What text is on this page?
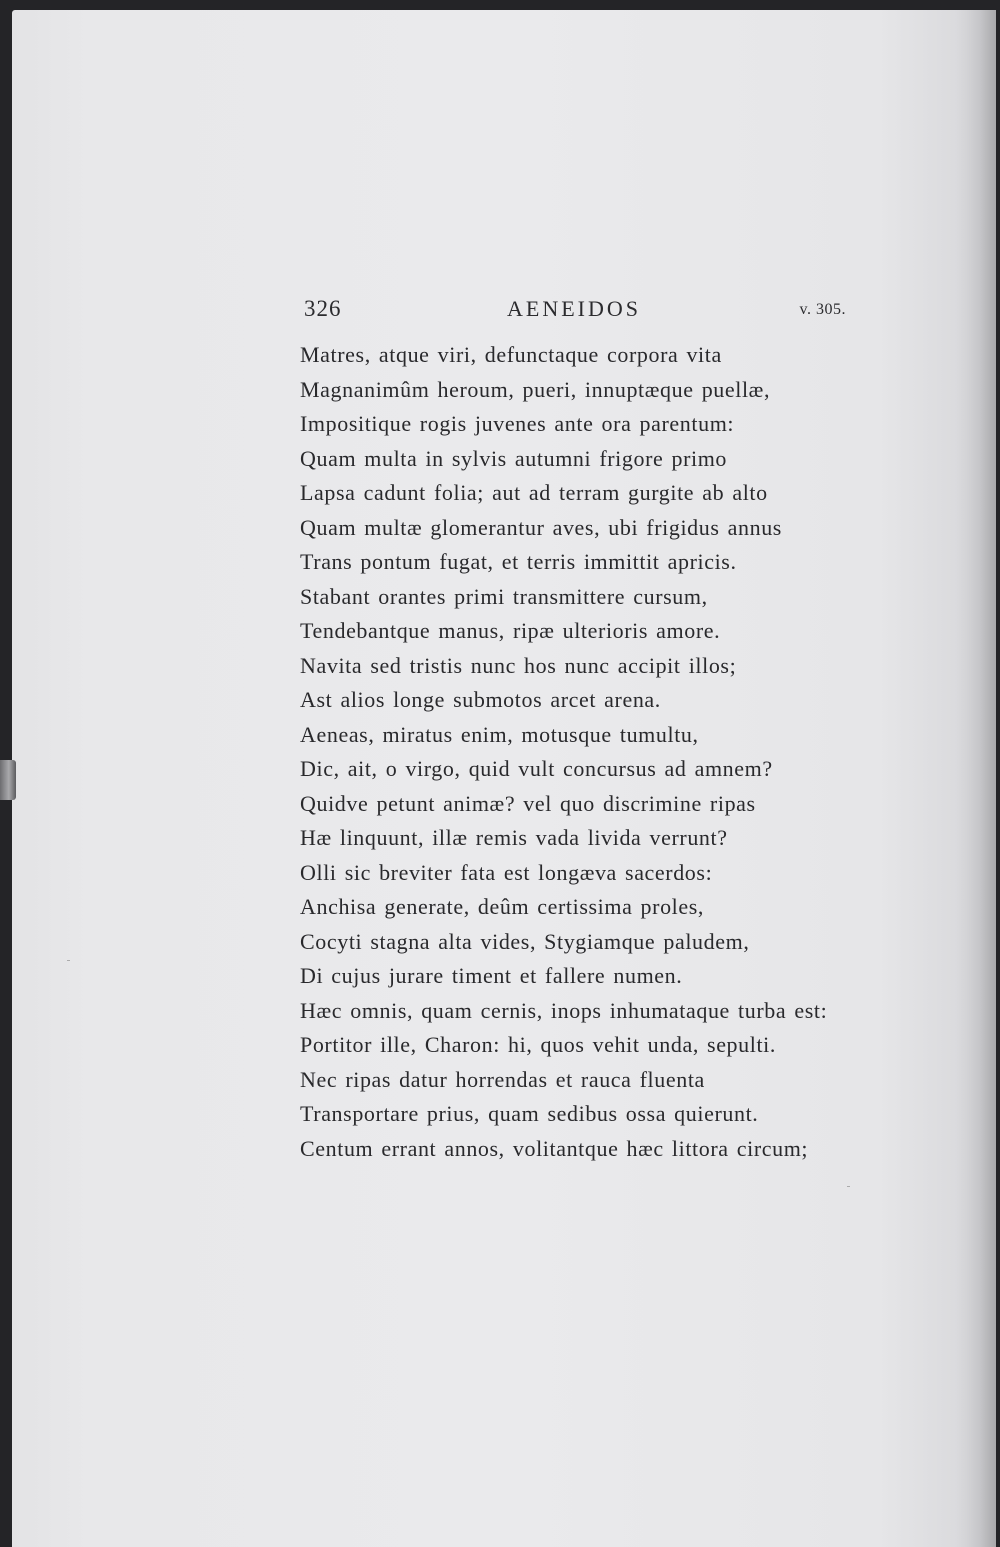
326	AENEIDOS	v. 305.
Matres, atque viri, defunctaque corpora vita
Magnanimûm heroum, pueri, innuptæque puellæ,
Impositique rogis juvenes ante ora parentum:
Quam multa in sylvis autumni frigore primo
Lapsa cadunt folia; aut ad terram gurgite ab alto
Quam multæ glomerantur aves, ubi frigidus annus
Trans pontum fugat, et terris immittit apricis.
Stabant orantes primi transmittere cursum,
Tendebantque manus, ripæ ulterioris amore.
Navita sed tristis nunc hos nunc accipit illos;
Ast alios longe submotos arcet arena.
Aeneas, miratus enim, motusque tumultu,
Dic, ait, o virgo, quid vult concursus ad amnem?
Quidve petunt animæ? vel quo discrimine ripas
Hæ linquunt, illæ remis vada livida verrunt?
Olli sic breviter fata est longæva sacerdos:
Anchisa generate, deûm certissima proles,
Cocyti stagna alta vides, Stygiamque paludem,
Di cujus jurare timent et fallere numen.
Hæc omnis, quam cernis, inops inhumataque turba est:
Portitor ille, Charon: hi, quos vehit unda, sepulti.
Nec ripas datur horrendas et rauca fluenta
Transportare prius, quam sedibus ossa quierunt.
Centum errant annos, volitantque hæc littora circum;
